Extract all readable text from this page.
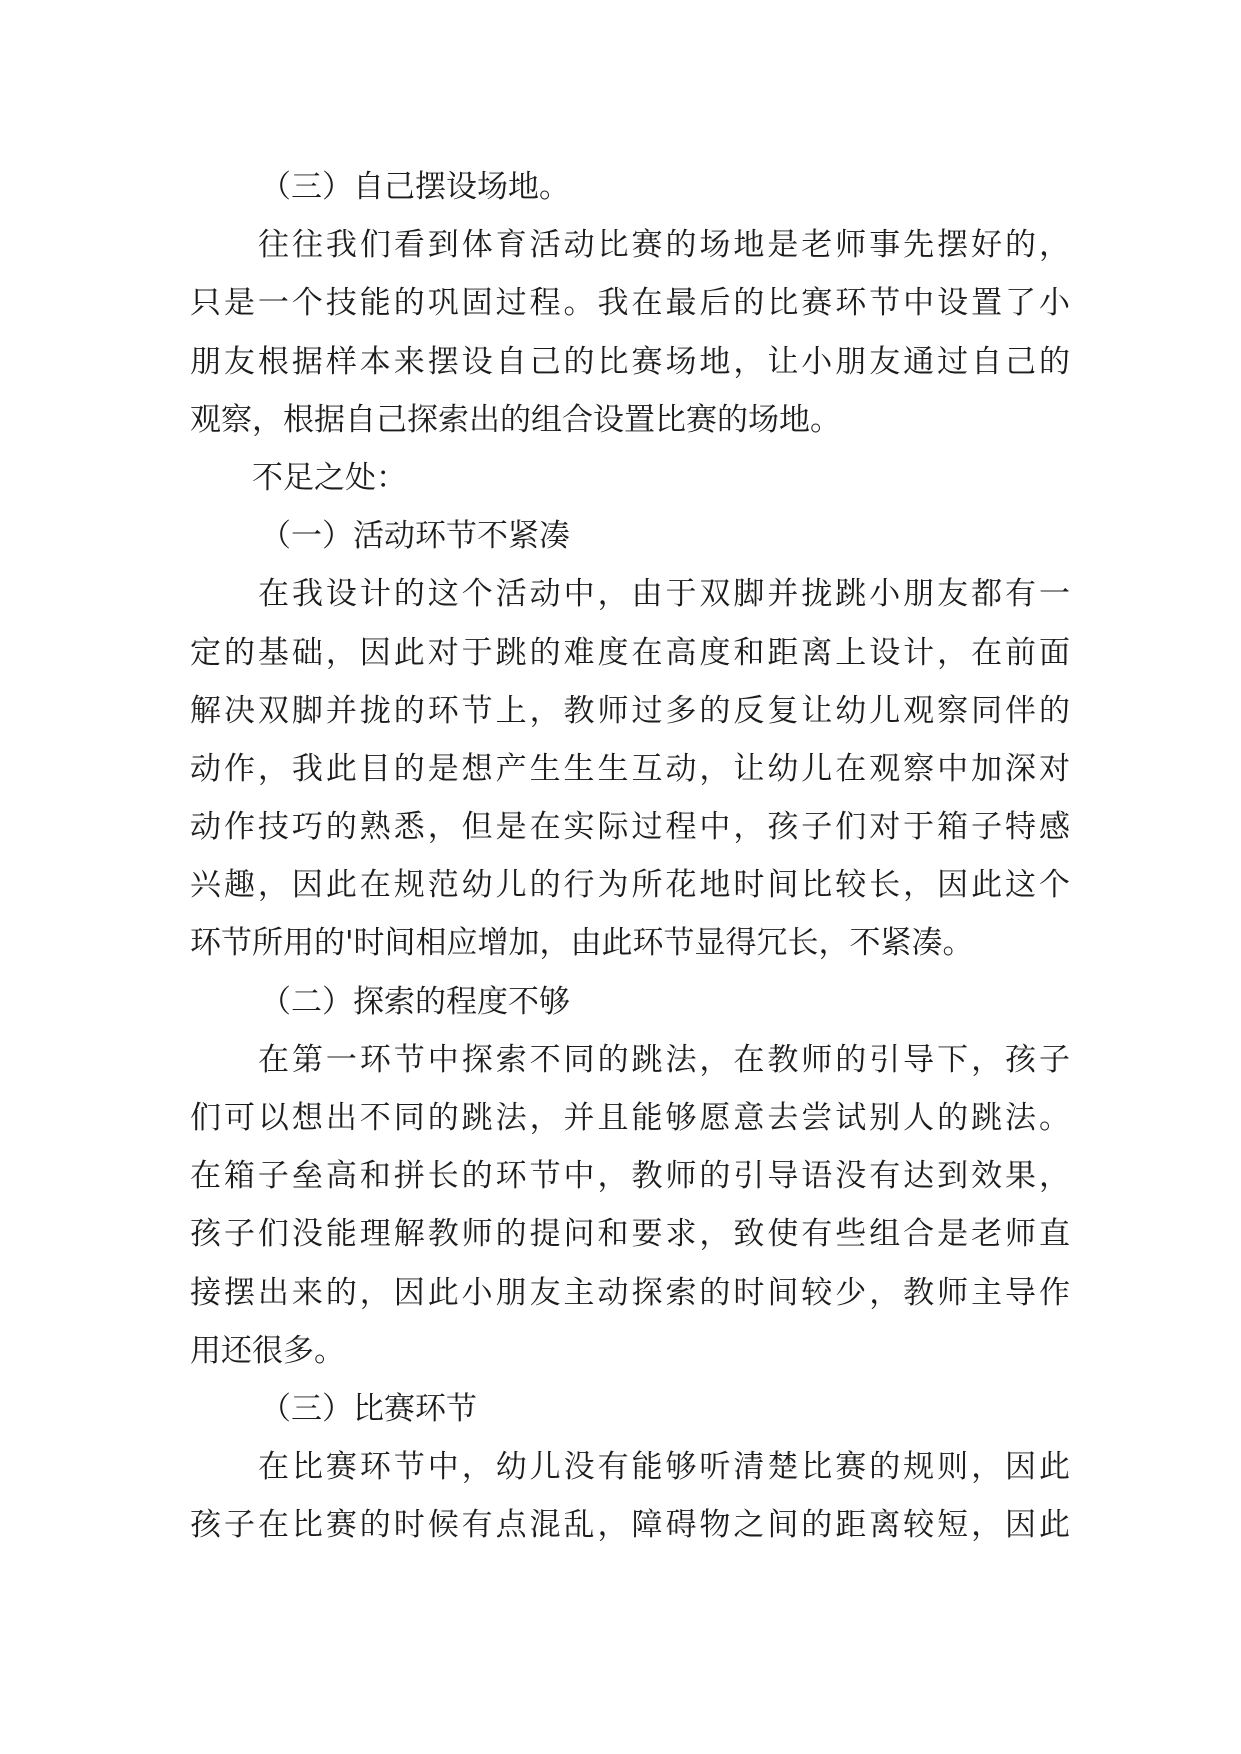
（三）自己摆设场地。
往往我们看到体育活动比赛的场地是老师事先摆好的，
只是一个技能的巩固过程。我在最后的比赛环节中设置了小
朋友根据样本来摆设自己的比赛场地，让小朋友通过自己的
观察，根据自己探索出的组合设置比赛的场地。
不足之处：
（一）活动环节不紧凑
在我设计的这个活动中，由于双脚并拢跳小朋友都有一
定的基础，因此对于跳的难度在高度和距离上设计，在前面
解决双脚并拢的环节上，教师过多的反复让幼儿观察同伴的
动作，我此目的是想产生生生互动，让幼儿在观察中加深对
动作技巧的熟悉，但是在实际过程中，孩子们对于箱子特感
兴趣，因此在规范幼儿的行为所花地时间比较长，因此这个
环节所用的'时间相应增加，由此环节显得冗长，不紧凑。
（二）探索的程度不够
在第一环节中探索不同的跳法，在教师的引导下，孩子
们可以想出不同的跳法，并且能够愿意去尝试别人的跳法。
在箱子垒高和拼长的环节中，教师的引导语没有达到效果，
孩子们没能理解教师的提问和要求，致使有些组合是老师直
接摆出来的，因此小朋友主动探索的时间较少，教师主导作
用还很多。
（三）比赛环节
在比赛环节中，幼儿没有能够听清楚比赛的规则，因此
孩子在比赛的时候有点混乱，障碍物之间的距离较短，因此
